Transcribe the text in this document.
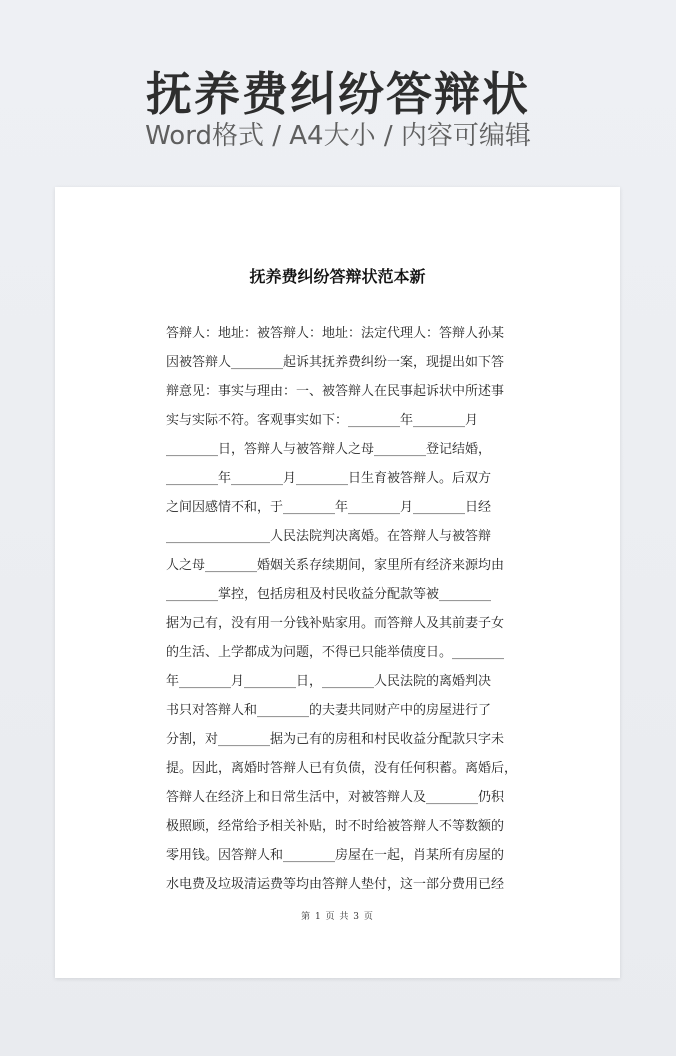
抚养费纠纷答辩状
Word格式 / A4大小 / 内容可编辑
抚养费纠纷答辩状范本新
答辩人：地址：被答辩人：地址：法定代理人：答辩人孙某
因被答辩人________起诉其抚养费纠纷一案，现提出如下答
辩意见：事实与理由：一、被答辩人在民事起诉状中所述事
实与实际不符。客观事实如下：________年________月
________日，答辩人与被答辩人之母________登记结婚，
________年________月________日生育被答辩人。后双方
之间因感情不和，于________年________月________日经
________________人民法院判决离婚。在答辩人与被答辩
人之母________婚姻关系存续期间，家里所有经济来源均由
________掌控，包括房租及村民收益分配款等被________
据为己有，没有用一分钱补贴家用。而答辩人及其前妻子女
的生活、上学都成为问题，不得已只能举债度日。________
年________月________日，________人民法院的离婚判决
书只对答辩人和________的夫妻共同财产中的房屋进行了
分割，对________据为己有的房租和村民收益分配款只字未
提。因此，离婚时答辩人已有负债，没有任何积蓄。离婚后，
答辩人在经济上和日常生活中，对被答辩人及________仍积
极照顾，经常给予相关补贴，时不时给被答辩人不等数额的
零用钱。因答辩人和________房屋在一起，肖某所有房屋的
水电费及垃圾清运费等均由答辩人垫付，这一部分费用已经
第 1 页 共 3 页
